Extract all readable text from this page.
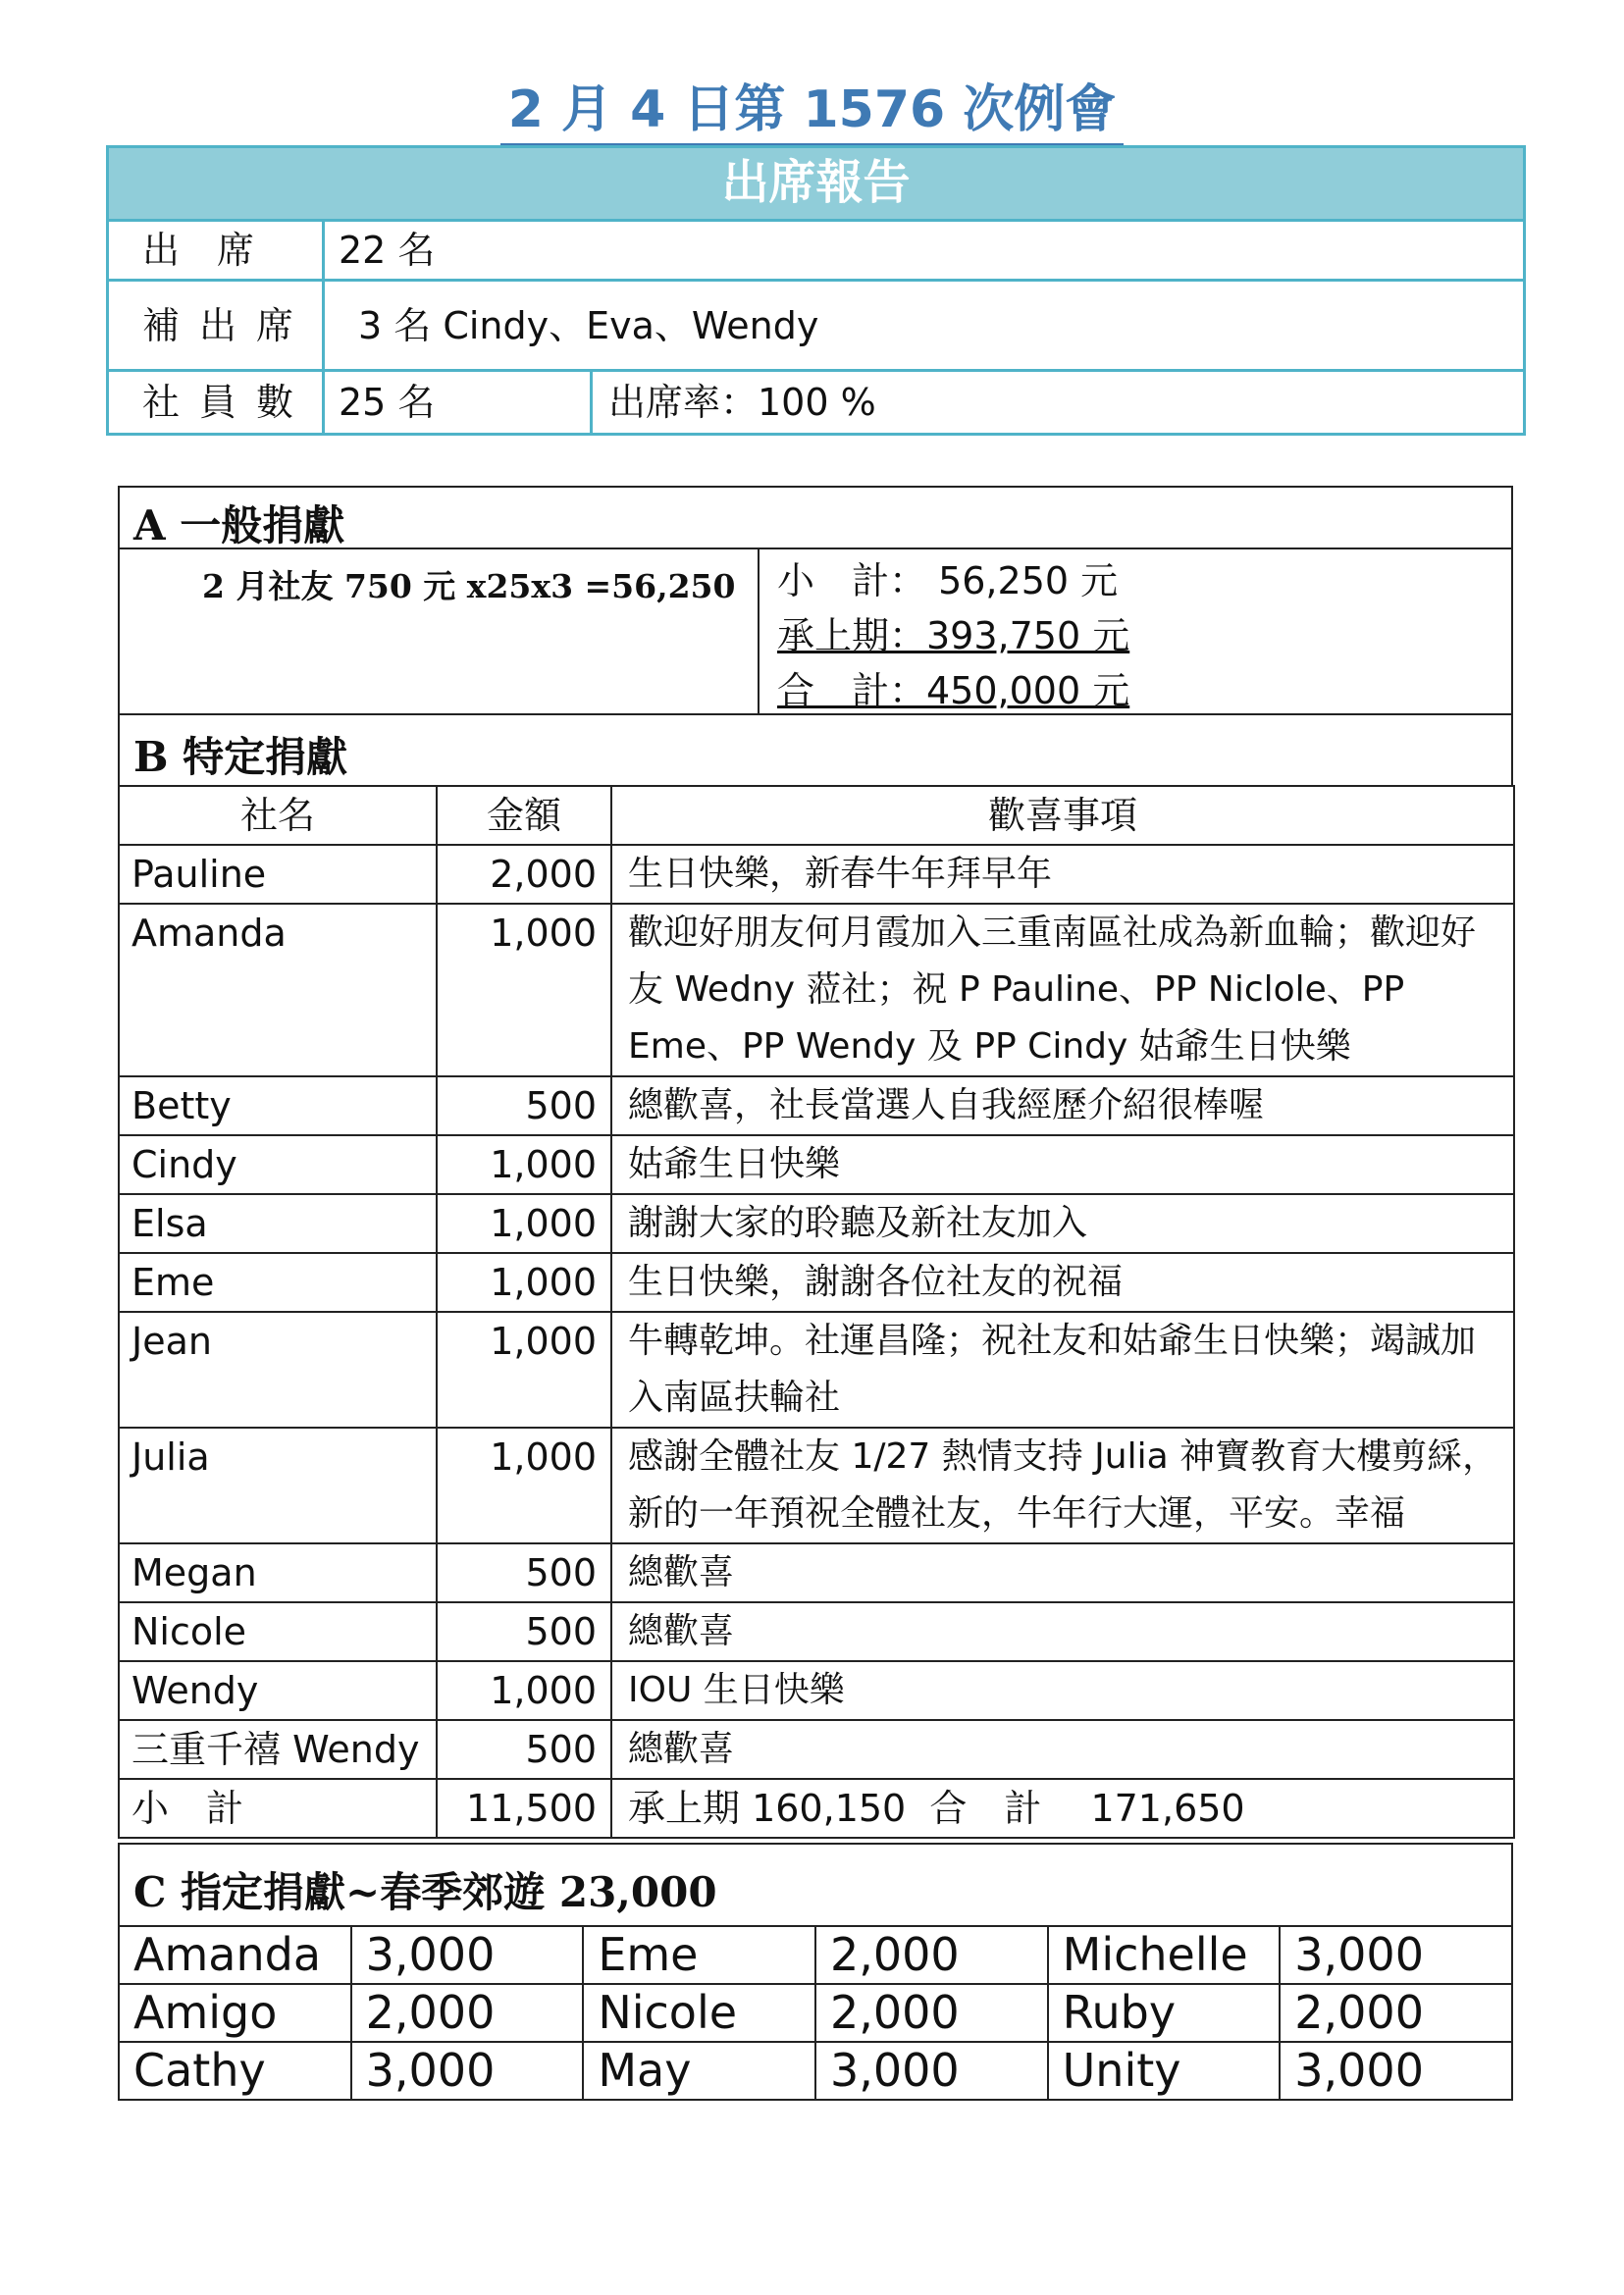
2 月 4 日第 1576 次例會
出席報告
出　席	22 名
補出席	3 名 Cindy、Eva、Wendy
社員數 25 名	出席率：100 %
A 一般捐獻
2 月社友 750 元 x25x3 =56,250 小　計： 56,250 元
承上期：393,750 元
合　計：450,000 元
B 特定捐獻
社名	金額	歡喜事項
Pauline	2,000	生日快樂，新春牛年拜早年
Amanda	1,000	歡迎好朋友何月霞加入三重南區社成為新血輪；歡迎好友 Wedny 蒞社；祝 P Pauline、PP Niclole、PP Eme、PP Wendy 及 PP Cindy 姑爺生日快樂
Betty	500	總歡喜，社長當選人自我經歷介紹很棒喔
Cindy	1,000	姑爺生日快樂
Elsa	1,000	謝謝大家的聆聽及新社友加入
Eme	1,000	生日快樂，謝謝各位社友的祝福
Jean	1,000	牛轉乾坤。社運昌隆；祝社友和姑爺生日快樂；竭誠加入南區扶輪社
Julia	1,000	感謝全體社友 1/27 熱情支持 Julia 神寶教育大樓剪綵，新的一年預祝全體社友，牛年行大運，平安。幸福
Megan	500	總歡喜
Nicole	500	總歡喜
Wendy	1,000	IOU 生日快樂
三重千禧 Wendy	500	總歡喜
小　計	11,500	承上期 160,150  合　計　 171,650
C 指定捐獻~春季郊遊 23,000
Amanda	3,000	Eme	2,000	Michelle	3,000
Amigo	2,000	Nicole	2,000	Ruby	2,000
Cathy	3,000	May	3,000	Unity	3,000
